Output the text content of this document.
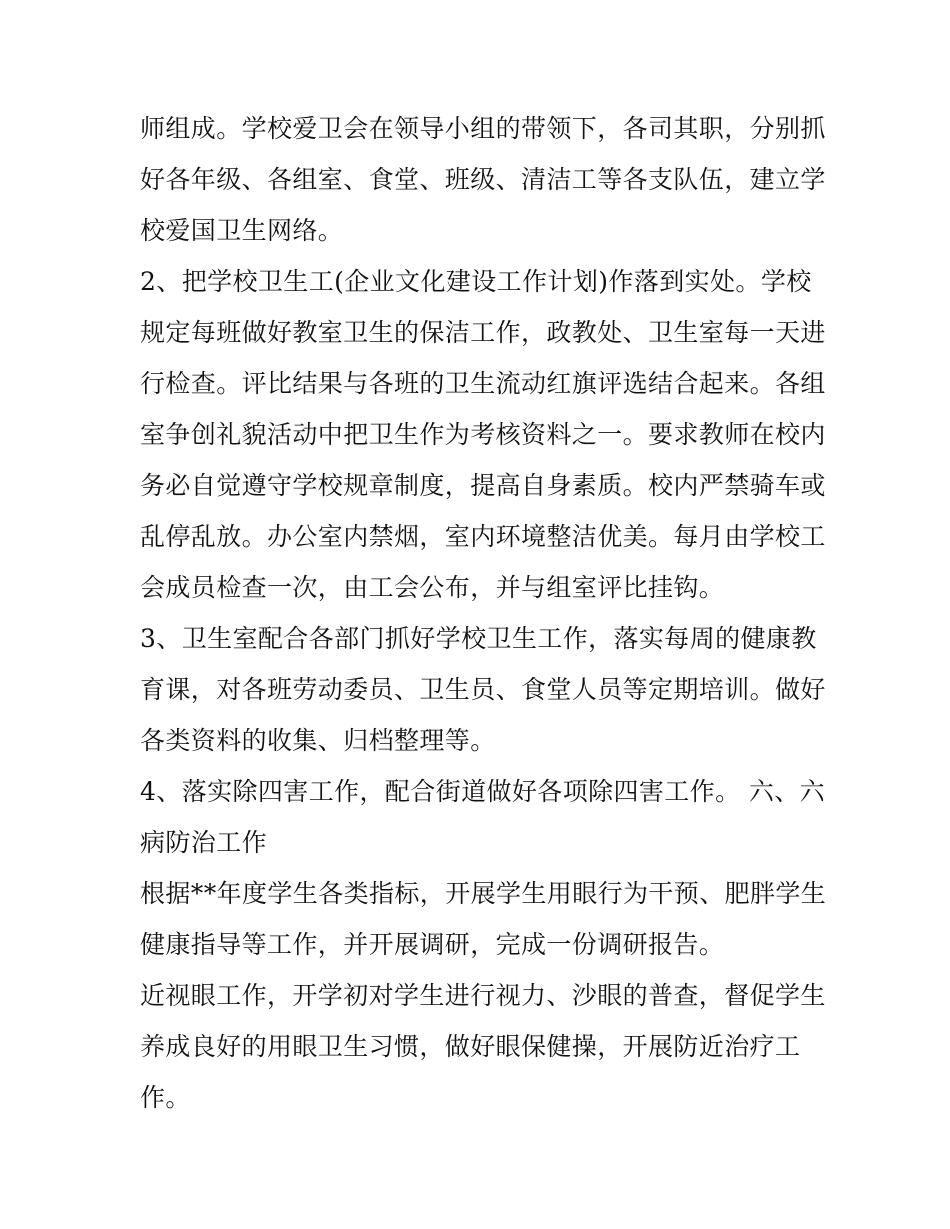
师组成。学校爱卫会在领导小组的带领下，各司其职，分别抓
好各年级、各组室、食堂、班级、清洁工等各支队伍，建立学
校爱国卫生网络。
2、把学校卫生工(企业文化建设工作计划)作落到实处。学校
规定每班做好教室卫生的保洁工作，政教处、卫生室每一天进
行检查。评比结果与各班的卫生流动红旗评选结合起来。各组
室争创礼貌活动中把卫生作为考核资料之一。要求教师在校内
务必自觉遵守学校规章制度，提高自身素质。校内严禁骑车或
乱停乱放。办公室内禁烟，室内环境整洁优美。每月由学校工
会成员检查一次，由工会公布，并与组室评比挂钩。
3、卫生室配合各部门抓好学校卫生工作，落实每周的健康教
育课，对各班劳动委员、卫生员、食堂人员等定期培训。做好
各类资料的收集、归档整理等。
4、落实除四害工作，配合街道做好各项除四害工作。 六、六
病防治工作
根据**年度学生各类指标，开展学生用眼行为干预、肥胖学生
健康指导等工作，并开展调研，完成一份调研报告。
近视眼工作，开学初对学生进行视力、沙眼的普查，督促学生
养成良好的用眼卫生习惯，做好眼保健操，开展防近治疗工
作。
